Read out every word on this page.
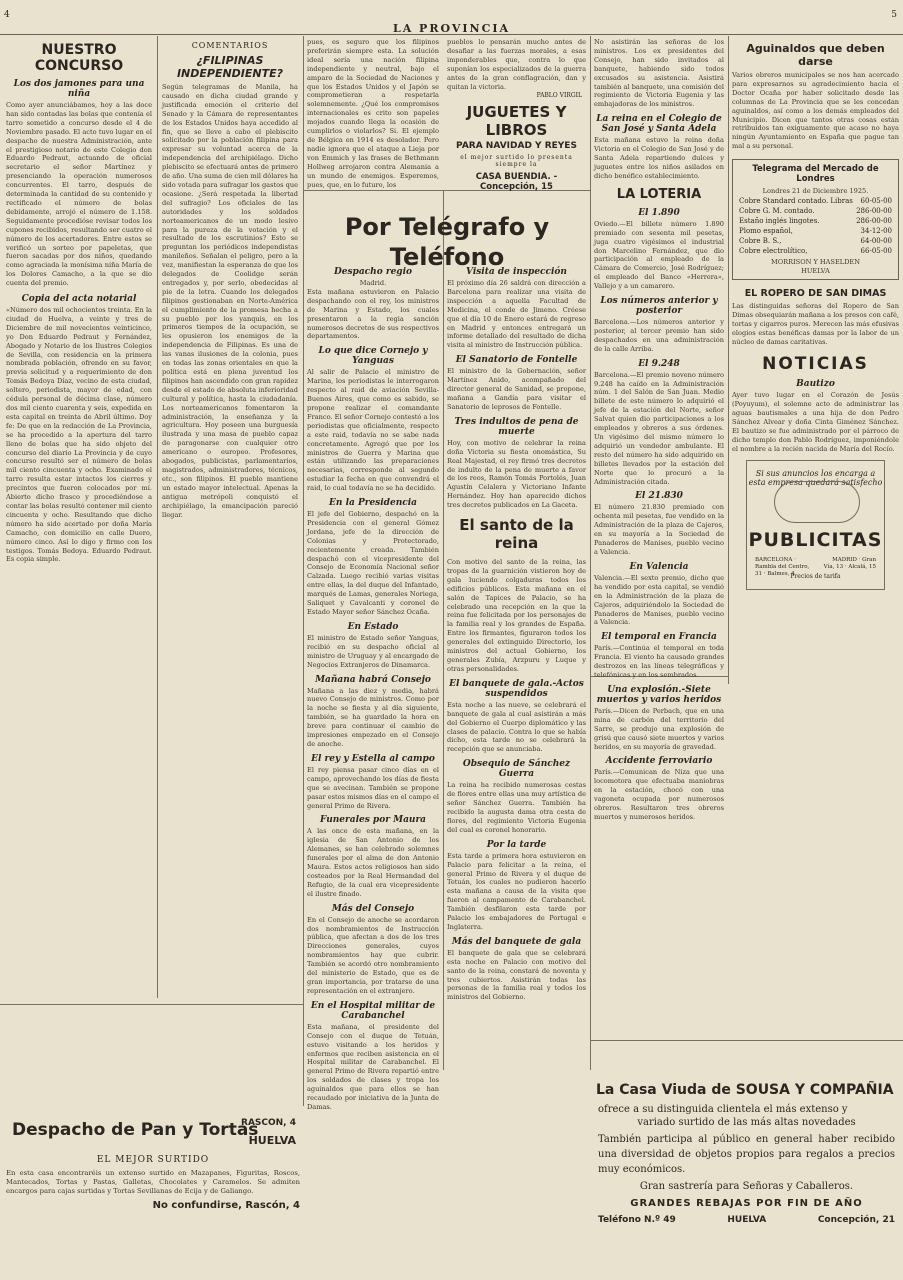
4
LA PROVINCIA
5
NUESTRO CONCURSO
Los dos jamones para una niña
Como ayer anunciábamos, hoy a las doce han sido contadas las bolas que contenía el tarro sometido a concurso desde el 4 de Noviembre pasado. El acto tuvo lugar en el despacho de nuestra Administración, ante el prestigioso notario de este Colegio don Eduardo Pedraut, actuando de oficial secretario el señor Martínez y presenciando la operación numerosos concurrentes. El tarro, después de determinada la cantidad de su contenido y rectificado el número de bolas debidamente, arrojó el número de 1.158. Seguidamente procedióse revisar todos los cupones recibidos, resultando ser cuatro el número de los acertadores. Entre estos se verificó un sorteo por papeletas, que fueron sacadas por dos niños, quedando como agraciada la monísima niña María de los Dolores Camacho, a la que se dio cuenta del premio.
Copia del acta notarial
«Número dos mil ochocientos treinta. En la ciudad de Huelva, a veinte y tres de Diciembre de mil novecientos veinticinco, yo Don Eduardo Pedraut y Fernández, Abogado y Notario de los Ilustres Colegios de Sevilla, con residencia en la primera nombrada población, ofrendo en su favor, previa solicitud y a requerimiento de don Tomás Bedoya Díaz, vecino de esta ciudad, soltero, periodista, mayor de edad, con cédula personal de décima clase, número dos mil ciento cuarenta y seis, expedida en esta capital en treinta de Abril último. Doy fe: De que en la redacción de La Provincia, se ha procedido a la apertura del tarro lleno de bolas que ha sido objeto del concurso del diario La Provincia y de cuyo concurso resultó ser el número de bolas mil ciento cincuenta y ocho. Examinado el tarro resulta estar intactos los cierres y precintos que fueron colocados por mí. Abierto dicho frasco y procediéndose a contar las bolas resultó contener mil ciento cincuenta y ocho. Resultando que dicho número ha sido acertado por doña María Camacho, con domicilio en calle Duero, número cinco. Así lo digo y firmo con los testigos. Tomás Bedoya. Eduardo Pedraut. Es copia simple.
COMENTARIOS
¿FILIPINAS INDEPENDIENTE?
Según telegramas de Manila, ha causado en dicha ciudad grande y justificada emoción el criterio del Senado y la Cámara de representantes de los Estados Unidos haya accedido al fin, que se lleve a cabo el plebiscito solicitado por la población filipina para expresar su voluntad acerca de la independencia del archipiélago. Dicho plebiscito se efectuará antes de primero de año. Una suma de cien mil dólares ha sido votada para sufragar los gastos que ocasione. ¿Será respetada la libertad del sufragio? Los oficiales de las autoridades y los soldados norteamericanos de un modo lesivo para la pureza de la votación y el resultado de los escrutinios? Esto se preguntan los periódicos independistas manileños. Señalan el peligro, pero a la vez, manifiestan la esperanza de que los delegados de Coolidge serán entregados y, por serlo, obedecidas al pie de la letra. Cuando los delegados filipinos gestionaban en Norte-América el cumplimiento de la promesa hecha a su pueblo por los yanquis, en los primeros tiempos de la ocupación, se les opusieron los enemigos de la independencia de Filipinas. Es una de las vanas ilusiones de la colonia, pues en todas las zonas orientales en que la política está en plena juventud los filipinos han ascendido con gran rapidez desde el estado de absoluta inferioridad cultural y política, hasta la ciudadanía. Los norteamericanos fomentaron la administración, la enseñanza y la agricultura. Hoy poseen una burguesía ilustrada y una masa de pueblo capaz de paragonarse con cualquier otro americano o europeo. Profesores, abogados, publicistas, parlamentarios, magistrados, administradores, técnicos, etc., son filipinos. El pueblo mantiene un estado mayor intelectual. Apenas la antigua metrópoli conquistó el archipiélago, la emancipación pareció llegar.
pues, es seguro que los filipinos preferirán siempre esta. La solución ideal sería una nación filipina independiente y neutral, bajo el amparo de la Sociedad de Naciones y que los Estados Unidos y el Japón se comprometieran a respetarla solemnemente. ¿Qué los compromisos internacionales es crito son papeles mojados cuando llega la ocasión de cumplirlos o violarlos? Si. El ejemplo de Bélgica en 1914 es desolador. Pero nadie ignora que el ataque a Lieja por von Emmich y las frases de Bethmann Hollweg arrojaron contra Alemania a un mundo de enemigos. Esperemos, pues, que, en lo futuro, los
pueblos lo pensarán mucho antes de desafiar a las fuerzas morales, a esas imponderables que, contra lo que suponían los especializados de la guerra antes de la gran conflagración, dan y quitan la victoria.
PABLO VIRGIL
JUGUETES Y LIBROS
PARA NAVIDAD Y REYES
el mejor surtido lo presenta siempre la
CASA BUENDIA. - Concepción, 15
Por Telégrafo y Teléfono
Despacho regio
Madrid.
Esta mañana estuvieron en Palacio despachando con el rey, los ministros de Marina y Estado, los cuales presentaron a la regia sanción numerosos decretos de sus respectivos departamentos.
Lo que dice Cornejo y Yanguas
Al salir de Palacio el ministro de Marina, los periodistas le interrogaron respecto al raid de aviación Sevilla-Buenos Aires, que como es sabido, se propone realizar el comandante Franco. El señor Cornejo contestó a los periodistas que oficialmente, respecto a este raid, todavía no se sabe nada concretamente. Agregó que por los ministros de Guerra y Marina que están utilizando las preparaciones necesarias, corresponde al segundo estudiar la fecha en que convendrá el raid, lo cual todavía no se ha decidido.
En la Presidencia
El jefe del Gobierno, despachó en la Presidencia con el general Gómez Jordana, jefe de la dirección de Colonias y Protectorado, recientemente creada. También despachó con el vicepresidente del Consejo de Economía Nacional señor Calzada. Luego recibió varias visitas entre ellas, la del duque del Infantado, marqués de Lamas, generales Noriega, Saliquet y Cavalcanti y coronel de Estado Mayor señor Sánchez Ocaña.
En Estado
El ministro de Estado señor Yanguas, recibió en su despacho oficial al ministro de Uruguay y al encargado de Negocios Extranjeros de Dinamarca.
Mañana habrá Consejo
Mañana a las diez y media, habrá nuevo Consejo de ministros. Como por la noche se fiesta y al día siguiente, también, se ha guardado la hora en breve para continuar el cambio de impresiones empezado en el Consejo de anoche.
El rey y Estella al campo
El rey piensa pasar cinco días en el campo, aprovechando los días de fiesta que se avecinan. También se propone pasar estos mismos días en el campo el general Primo de Rivera.
Funerales por Maura
A las once de esta mañana, en la iglesia de San Antonio de los Alemanes, se han celebrado solemnes funerales por el alma de don Antonio Maura. Estos actos religiosos han sido costeados por la Real Hermandad del Refugio, de la cual era vicepresidente el ilustre finado.
Más del Consejo
En el Consejo de anoche se acordaron dos nombramientos de Instrucción pública, que afectan a dos de los tres Direcciones generales, cuyos nombramientos hay que cubrir. También se acordó otro nombramiento del ministerio de Estado, que es de gran importancia, por tratarse de una representación en el extranjero.
En el Hospital militar de Carabanchel
Esta mañana, el presidente del Consejo con el duque de Tetuán, estuvo visitando a los heridos y enfermos que reciben asistencia en el Hospital militar de Carabanchel. El general Primo de Rivera repartió entre los soldados de clases y tropa los aguinaldos que para ellos se han recaudado por iniciativa de la Junta de Damas.
Visita de inspección
El próximo día 26 saldrá con dirección a Barcelona para realizar una visita de inspección a aquella Facultad de Medicina, el conde de Jimeno. Créese que el día 10 de Enero estará de regreso en Madrid y entonces entregará un informe detallado del resultado de dicha visita al ministro de Instrucción pública.
El Sanatorio de Fontelle
El ministro de la Gobernación, señor Martínez Anido, acompañado del director general de Sanidad, se propone, mañana a Gandía para visitar el Sanatorio de leprosos de Fontelle.
Tres indultos de pena de muerte
Hoy, con motivo de celebrar la reina doña Victoria su fiesta onomástica, Su Real Majestad, el rey firmó tres decretos de indulto de la pena de muerte a favor de los reos, Ramón Tomás Portolés, Juan Agustín Celalera y Victoriano Infante Hernández. Hoy han aparecido dichos tres decretos publicados en La Gaceta.
El santo de la reina
Con motivo del santo de la reina, las tropas de la guarnición vistieron hoy de gala luciendo colgaduras todos los edificios públicos. Esta mañana en el salón de Tapices de Palacio, se ha celebrado una recepción en la que la reina fue felicitada por los personajes de la familia real y los grandes de España. Entre los firmantes, figuraron todos los generales del extinguido Directorio, los ministros del actual Gobierno, los generales Zubía, Arzpuru y Luque y otras personalidades.
El banquete de gala.-Actos suspendidos
Esta noche a las nueve, se celebrará el banquete de gala al cual asistirán a más del Gobierno el Cuerpo diplomático y las clases de palacio. Contra lo que se había dicho, esta tarde no se celebrará la recepción que se anunciaba.
Obsequio de Sánchez Guerra
La reina ha recibido numerosas cestas de flores entre ellas una muy artística de señor Sánchez Guerra. También ha recibido la augusta dama otra cesta de flores, del regimiento Victoria Eugenia del cual es coronel honorario.
Por la tarde
Esta tarde a primera hora estuvieron en Palacio para felicitar a la reina, el general Primo de Rivera y el duque de Tetuán, los cuales no pudieron hacerlo esta mañana a causa de la visita que fueron al campamento de Carabanchel. También desfilaron esta tarde por Palacio los embajadores de Portugal e Inglaterra.
Más del banquete de gala
El banquete de gala que se celebrará esta noche en Palacio con motivo del santo de la reina, constará de noventa y tres cubiertos. Asistirán todas las personas de la familia real y todos los ministros del Gobierno.
No asistirán las señoras de los ministros. Los ex presidentes del Consejo, han sido invitados al banquete, habiendo sido todos excusados su asistencia. Asistirá también al banquete, una comisión del regimiento de Victoria Eugenia y las embajadoras de los ministros.
La reina en el Colegio de San José y Santa Adela
Esta mañana estuvo la reina doña Victoria en el Colegio de San José y de Santa Adela repartiendo dulces y juguetes entre los niños asilados en dicho benéfico establecimiento.
LA LOTERIA
El 1.890
Oviedo.—El billete número 1.890 premiado con sesenta mil pesetas, juga cuatro vigésimos el industrial don Marcelino Fernández, que dio participación al empleado de la Cámara de Comercio, José Rodríguez; el empleado del Banco «Herrera», Vallejo y a un camarero.
Los números anterior y posterior
Barcelona.—Los números anterior y posterior, al tercer premio han sido despachados en una administración de la calle Arriba.
El 9.248
Barcelona.—El premio noveno número 9.248 ha caído en la Administración núm. 1 del Salón de San Juan. Medio billete de este número lo adquirió el jefe de la estación del Norte, señor Salvat quien dio participaciones a los empleados y obreros a sus órdenes. Un vigésimo del mismo número lo adquirió un vendedor ambulante. El resto del número ha sido adquirido en billetes llevados por la estación del Norte que lo procuró a la Administración citada.
El 21.830
El número 21.830 premiado con ochenta mil pesetas, fue vendido en la Administración de la plaza de Cajeros, en su mayoría a la Sociedad de Panaderos de Manises, pueblo vecino a Valencia.
En Valencia
Valencia.—El sexto premio, dicho que ha vendido por esta capital, se vendió en la Administración de la plaza de Cajeros, adquiriéndolo la Sociedad de Panaderos de Manises, pueblo vecino a Valencia.
El temporal en Francia
París.—Continúa el temporal en toda Francia. El viento ha causado grandes destrozos en las líneas telegráficas y telefónicas y en los sembrados.
Una explosión.-Siete muertos y varios heridos
París.—Dicen de Perbach, que en una mina de carbón del territorio del Sarre, se produjo una explosión de grisú que causó siete muertos y varios heridos, en su mayoría de gravedad.
Accidente ferroviario
París.—Comunican de Niza que una locomotora que efectuaba maniobras en la estación, chocó con una vagoneta ocupada por numerosos obreros. Resultaron tres obreros muertos y numerosos heridos.
Aguinaldos que deben darse
Varios obreros municipales se nos han acercado para expresarnos su agradecimiento hacia el Doctor Ocaña por haber solicitado desde las columnas de La Provincia que se les concedan aguinaldos, así como a los demás empleados del Municipio. Dicen que tantos otras cosas están retribuidos tan exiguamente que acaso no haya ningún Ayuntamiento en España que pague tan mal a su personal.
Telegrama del Mercado de Londres
Londres 21 de Diciembre 1925.
Cobre Standard contado. Libras 60-05-00
Cobre G. M. contado.	286-00-00
Estaño inglés lingotes.	286-00-00
Plomo español,	34-12-00
Cobre B. S.,	64-00-00
Cobre electrolítico,	66-05-00
MORRISON Y HASELDEN
HUELVA
EL ROPERO DE SAN DIMAS
Las distinguidas señoras del Ropero de San Dimas obsequiarán mañana a los presos con café, tortas y cigarros puros. Merecen las más efusivas elogios estas benéficas damas por la labor de un núcleo de damas caritativas.
NOTICIAS
Bautizo
Ayer tuvo lugar en el Corazón de Jesús (Poyuyum), el solemne acto de administrar las aguas bautismales a una hija de don Pedro Sánchez Alvear y doña Cinta Giménez Sánchez. El bautizo se fue administrado por el párroco de dicho templo don Pablo Rodríguez, imponiéndole el nombre a la recién nacida de María del Rocío.
Si sus anuncios los encarga a esta empresa quedará satisfecho
PUBLICITAS
BARCELONA · Rambla del Centro, 31 · Balmes, 4
MADRID · Gran Vía, 13 · Alcalá, 15
Precios de tarifa
Despacho de Pan y Tortas
RASCON, 4
HUELVA
EL MEJOR SURTIDO
En esta casa encontraréis un extenso surtido en Mazapanes, Figuritas, Roscos, Mantecados, Tortas y Pastas, Galletas, Chocolates y Caramelos. Se admiten encargos para cajas surtidas y Tortas Sevillanas de Ecija y de Galiango.
No confundirse, Rascón, 4
La Casa Viuda de SOUSA Y COMPAÑIA
ofrece a su distinguida clientela el más extenso y
variado surtido de las más altas novedades
También participa al público en general haber recibido una diversidad de objetos propios para regalos a precios muy económicos.
Gran sastrería para Señoras y Caballeros.
GRANDES REBAJAS POR FIN DE AÑO
Teléfono N.º 49	HUELVA	Concepción, 21
